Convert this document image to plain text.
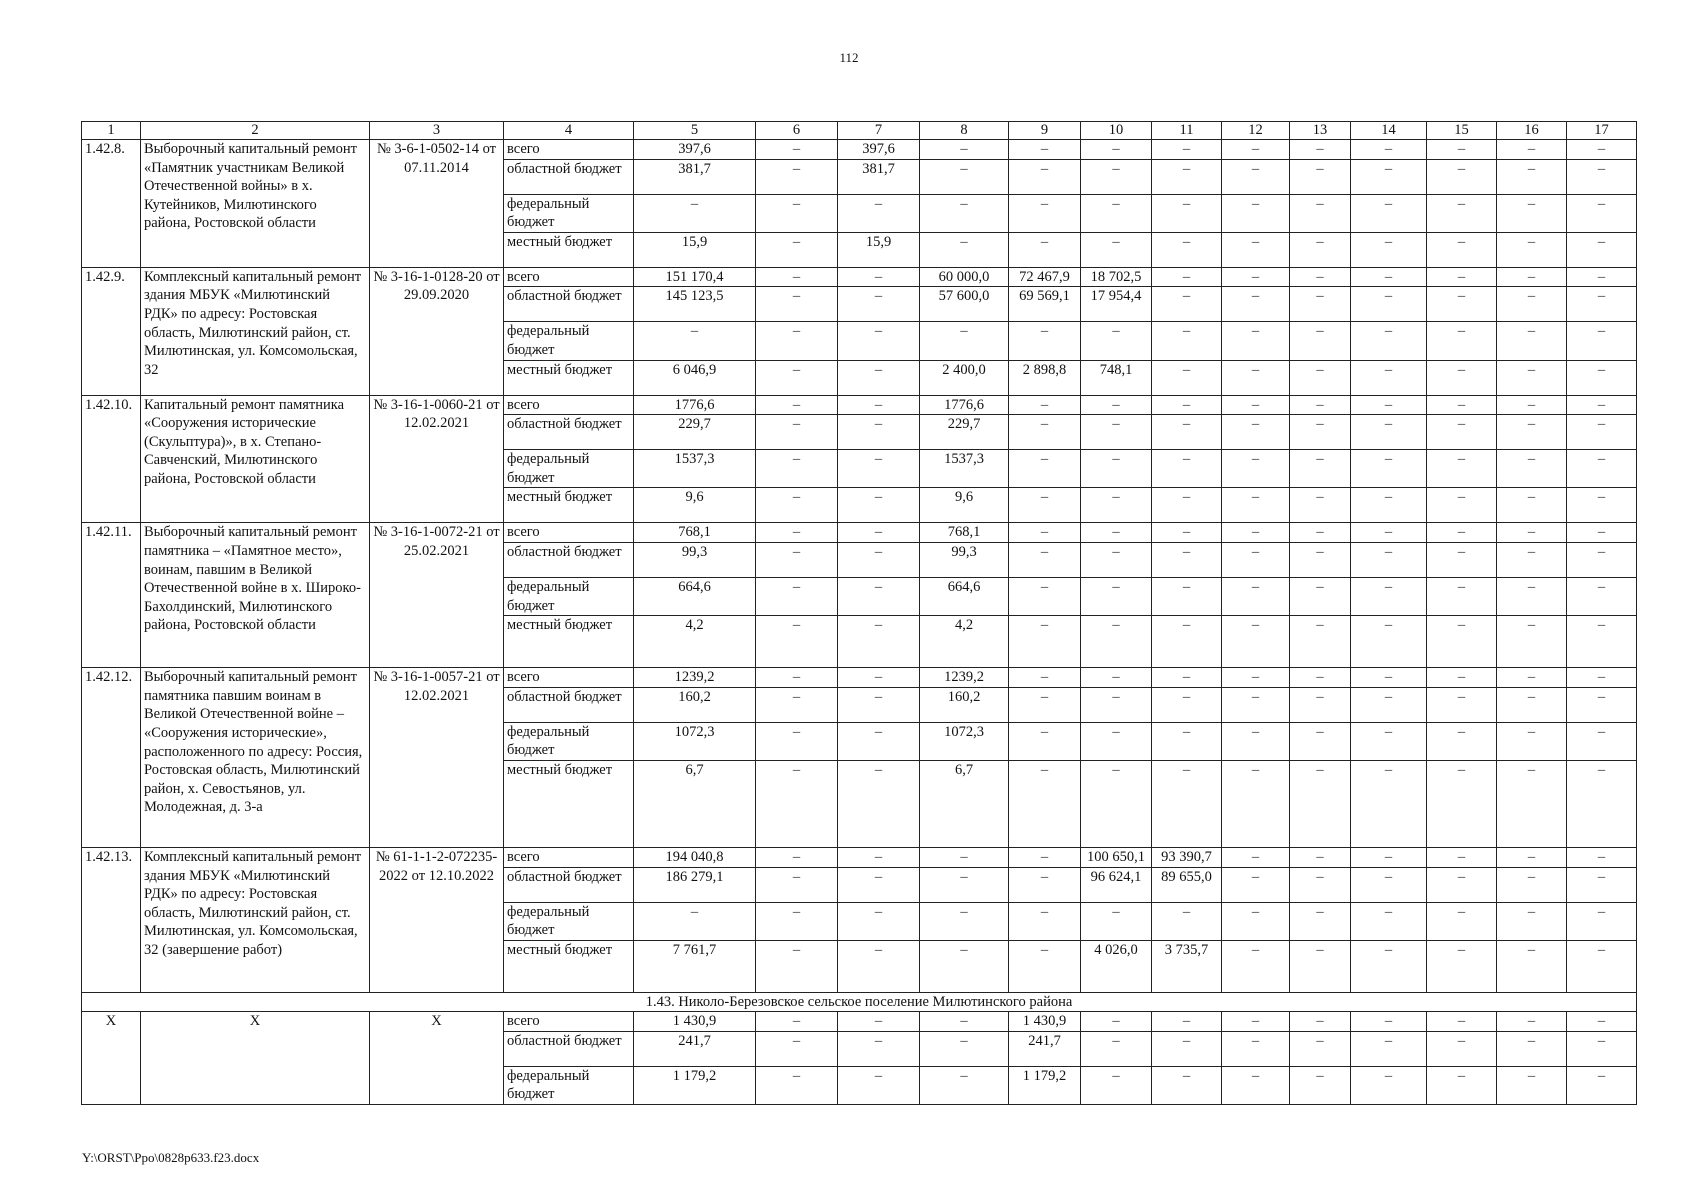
112
1	2	3	4	5	6	7	8	9	10	11	12	13	14	15	16	17
1.42.8.	Выборочный капитальный ремонт «Памятник участникам Великой Отечественной войны» в х. Кутейников, Милютинского района, Ростовской области	№ 3-6-1-0502-14 от 07.11.2014	всего	397,6	–	397,6	–	–	–	–	–	–	–	–	–	–
			областной бюджет	381,7	–	381,7	–	–	–	–	–	–	–	–	–	–
			федеральный бюджет	–	–	–	–	–	–	–	–	–	–	–	–	–
			местный бюджет	15,9	–	15,9	–	–	–	–	–	–	–	–	–	–
1.42.9.	Комплексный капитальный ремонт здания МБУК «Милютинский РДК» по адресу: Ростовская область, Милютинский район, ст. Милютинская, ул. Комсомольская, 32	№ 3-16-1-0128-20 от 29.09.2020	всего	151 170,4	–	–	60 000,0	72 467,9	18 702,5	–	–	–	–	–	–	–
			областной бюджет	145 123,5	–	–	57 600,0	69 569,1	17 954,4	–	–	–	–	–	–	–
			федеральный бюджет	–	–	–	–	–	–	–	–	–	–	–	–	–
			местный бюджет	6 046,9	–	–	2 400,0	2 898,8	748,1	–	–	–	–	–	–	–
1.42.10.	Капитальный ремонт памятника «Сооружения исторические (Скульптура)», в х. Степано-Савченский, Милютинского района, Ростовской области	№ 3-16-1-0060-21 от 12.02.2021	всего	1776,6	–	–	1776,6	–	–	–	–	–	–	–	–	–
			областной бюджет	229,7	–	–	229,7	–	–	–	–	–	–	–	–	–
			федеральный бюджет	1537,3	–	–	1537,3	–	–	–	–	–	–	–	–	–
			местный бюджет	9,6	–	–	9,6	–	–	–	–	–	–	–	–	–
1.42.11.	Выборочный капитальный ремонт памятника – «Памятное место», воинам, павшим в Великой Отечественной войне в х. Широко-Бахолдинский, Милютинского района, Ростовской области	№ 3-16-1-0072-21 от 25.02.2021	всего	768,1	–	–	768,1	–	–	–	–	–	–	–	–	–
			областной бюджет	99,3	–	–	99,3	–	–	–	–	–	–	–	–	–
			федеральный бюджет	664,6	–	–	664,6	–	–	–	–	–	–	–	–	–
			местный бюджет	4,2	–	–	4,2	–	–	–	–	–	–	–	–	–
1.42.12.	Выборочный капитальный ремонт памятника павшим воинам в Великой Отечественной войне – «Сооружения исторические», расположенного по адресу: Россия, Ростовская область, Милютинский район, х. Севостьянов, ул. Молодежная, д. 3-а	№ 3-16-1-0057-21 от 12.02.2021	всего	1239,2	–	–	1239,2	–	–	–	–	–	–	–	–	–
			областной бюджет	160,2	–	–	160,2	–	–	–	–	–	–	–	–	–
			федеральный бюджет	1072,3	–	–	1072,3	–	–	–	–	–	–	–	–	–
			местный бюджет	6,7	–	–	6,7	–	–	–	–	–	–	–	–	–
1.42.13.	Комплексный капитальный ремонт здания МБУК «Милютинский РДК» по адресу: Ростовская область, Милютинский район, ст. Милютинская, ул. Комсомольская, 32 (завершение работ)	№ 61-1-1-2-072235-2022 от 12.10.2022	всего	194 040,8	–	–	–	–	100 650,1	93 390,7	–	–	–	–	–	–
			областной бюджет	186 279,1	–	–	–	–	96 624,1	89 655,0	–	–	–	–	–	–
			федеральный бюджет	–	–	–	–	–	–	–	–	–	–	–	–	–
			местный бюджет	7 761,7	–	–	–	–	4 026,0	3 735,7	–	–	–	–	–	–
1.43. Николо-Березовское сельское поселение Милютинского района																
Х	Х	Х	всего	1 430,9	–	–	–	1 430,9	–	–	–	–	–	–	–	–
			областной бюджет	241,7	–	–	–	241,7	–	–	–	–	–	–	–	–
			федеральный бюджет	1 179,2	–	–	–	1 179,2	–	–	–	–	–	–	–	–
Y:\ORST\Ppo\0828p633.f23.docx
